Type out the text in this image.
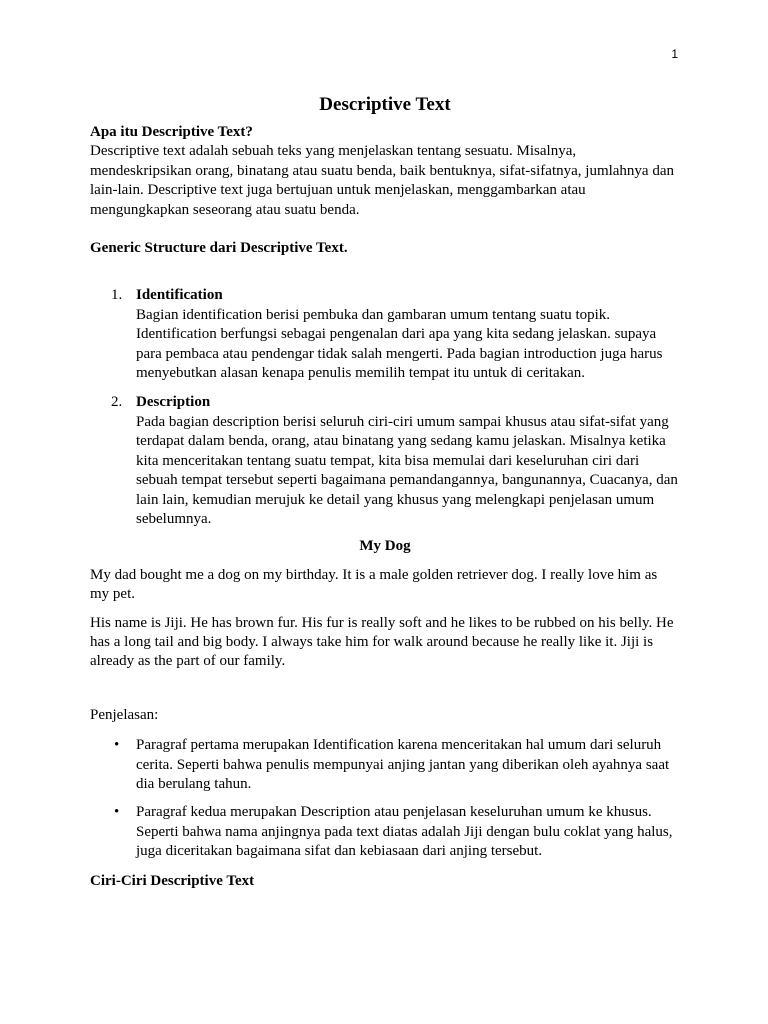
1
Descriptive Text

Apa itu Descriptive Text?

Descriptive text adalah sebuah teks yang menjelaskan tentang sesuatu. Misalnya, mendeskripsikan orang, binatang atau suatu benda, baik bentuknya, sifat-sifatnya, jumlahnya dan lain-lain. Descriptive text juga bertujuan untuk menjelaskan, menggambarkan atau mengungkapkan seseorang atau suatu benda.

Generic Structure dari Descriptive Text.

1. Identification
Bagian identification berisi pembuka dan gambaran umum tentang suatu topik. Identification berfungsi sebagai pengenalan dari apa yang kita sedang jelaskan. supaya para pembaca atau pendengar tidak salah mengerti. Pada bagian introduction juga harus menyebutkan alasan kenapa penulis memilih tempat itu untuk di ceritakan.
2. Description
Pada bagian description berisi seluruh ciri-ciri umum sampai khusus atau sifat-sifat yang terdapat dalam benda, orang, atau binatang yang sedang kamu jelaskan. Misalnya ketika kita menceritakan tentang suatu tempat, kita bisa memulai dari keseluruhan ciri dari sebuah tempat tersebut seperti bagaimana pemandangannya, bangunannya, Cuacanya, dan lain lain, kemudian merujuk ke detail yang khusus yang melengkapi penjelasan umum sebelumnya.

My Dog

My dad bought me a dog on my birthday. It is a male golden retriever dog. I really love him as my pet.

His name is Jiji. He has brown fur. His fur is really soft and he likes to be rubbed on his belly. He has a long tail and big body. I always take him for walk around because he really like it. Jiji is already as the part of our family.

Penjelasan:

• Paragraf pertama merupakan Identification karena menceritakan hal umum dari seluruh cerita. Seperti bahwa penulis mempunyai anjing jantan yang diberikan oleh ayahnya saat dia berulang tahun.
• Paragraf kedua merupakan Description atau penjelasan keseluruhan umum ke khusus. Seperti bahwa nama anjingnya pada text diatas adalah Jiji dengan bulu coklat yang halus, juga diceritakan bagaimana sifat dan kebiasaan dari anjing tersebut.

Ciri-Ciri Descriptive Text
